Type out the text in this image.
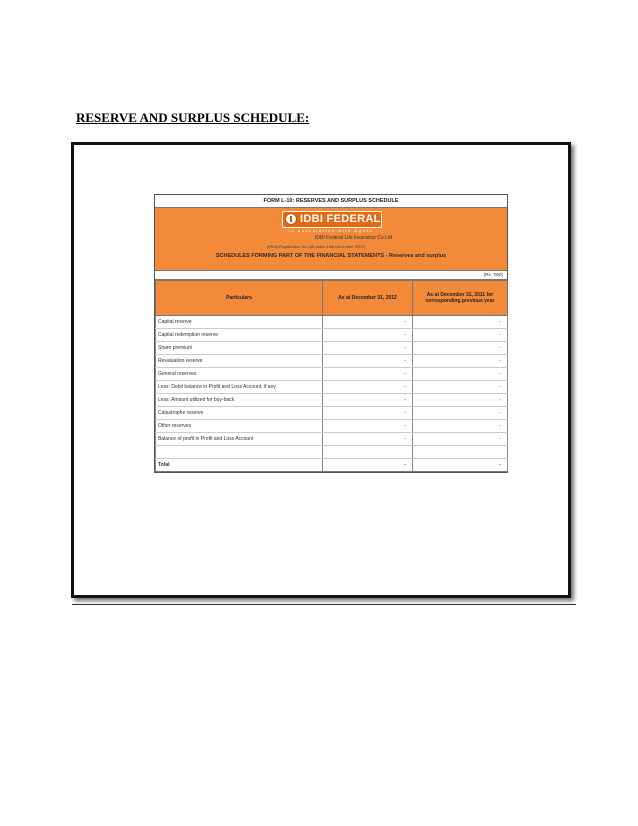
RESERVE AND SURPLUS SCHEDULE:
FORM L-10: RESERVES AND SURPLUS SCHEDULE
IDBI FEDERAL
in association with Ageas
IDBI Federal Life Insurance Co Ltd
(IRDA Registration No.135 dated 19th December 2007)
SCHEDULES FORMING PART OF THE FINANCIAL STATEMENTS - Reserves and surplus
(Rs. '000)
Particulars	As at December 31, 2012	As at December 31, 2011 for corresponding previous year
Capital reserve	-	-
Capital redemption reserve	-	-
Share premium	-	-
Revaluation reserve	-	-
General reserves	-	-
Less: Debit balance in Profit and Loss Account, if any	-	-
Less: Amount utilized for buy-back	-	-
Catastrophe reserve	-	-
Other reserves	-	-
Balance of profit in Profit and Loss Account	-	-

Total	-	-
